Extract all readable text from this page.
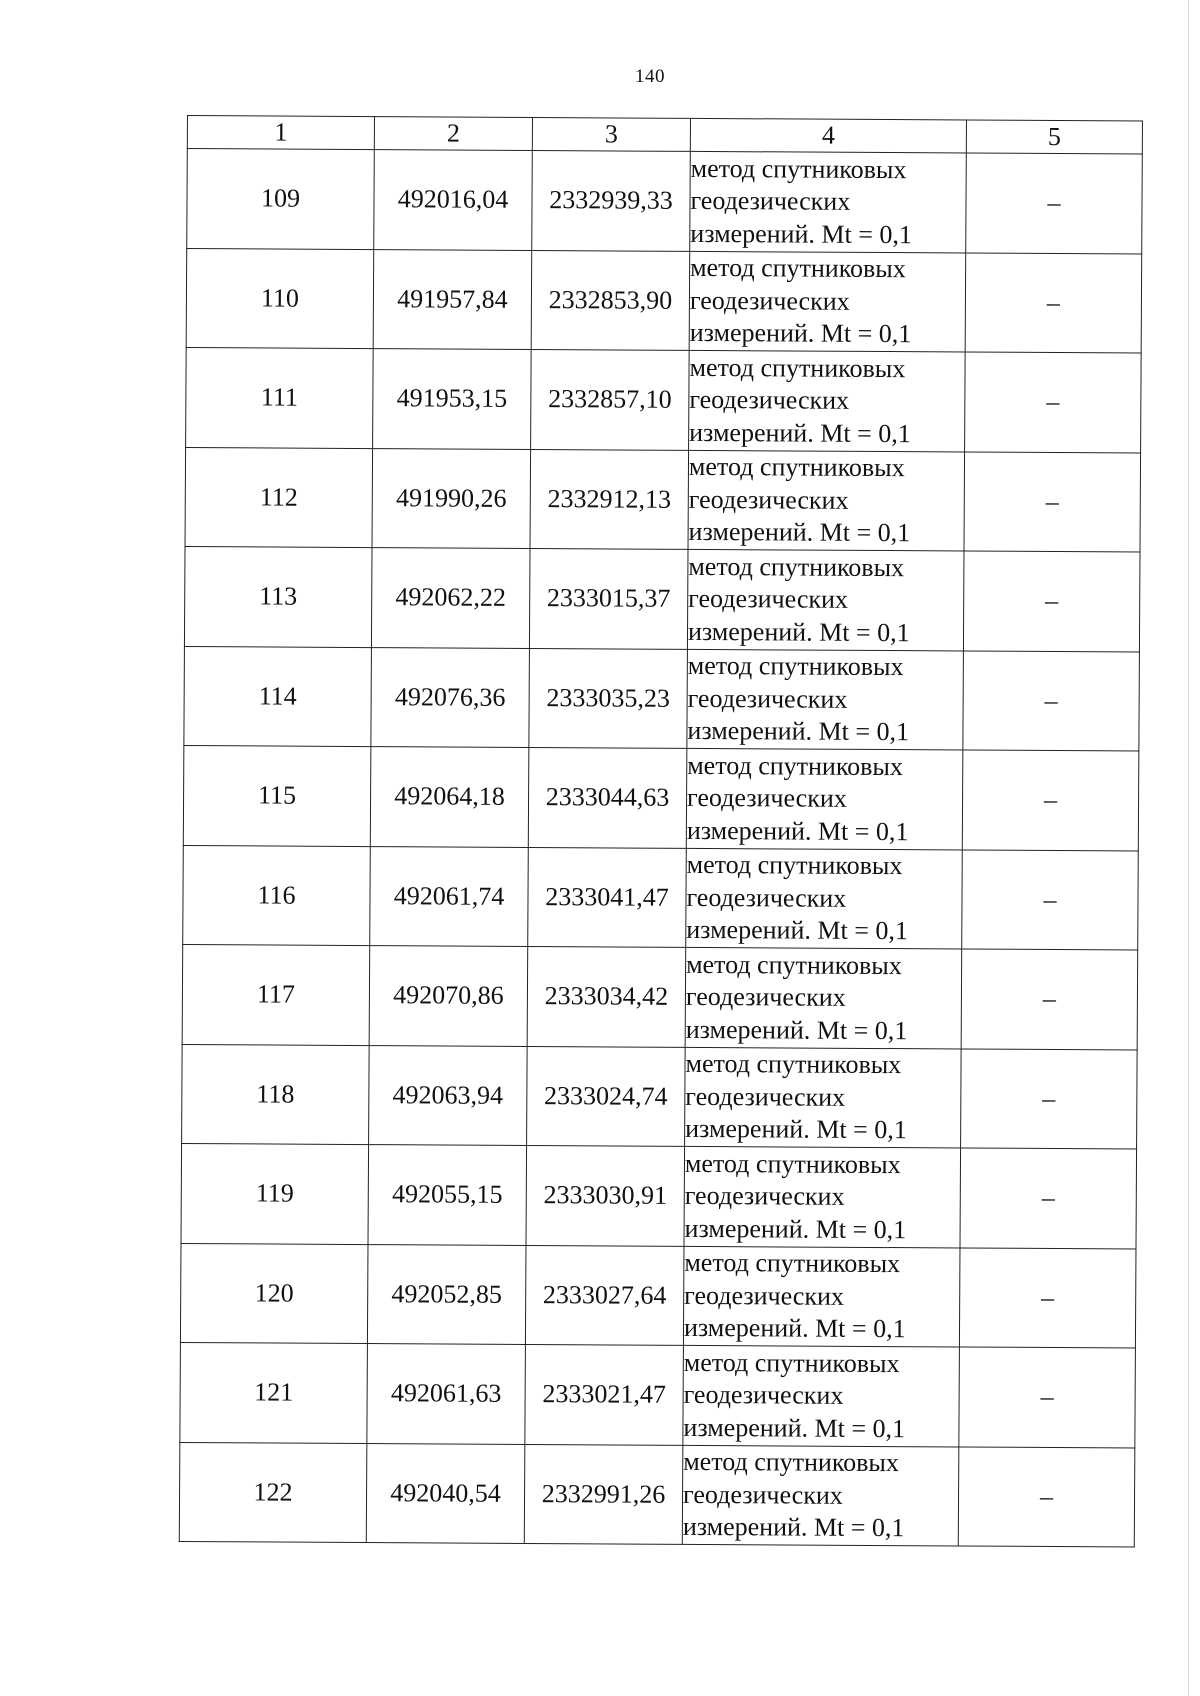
140
1	2	3	4	5
109	492016,04	2332939,33	метод спутниковых
геодезических
измерений. Mt = 0,1	–
110	491957,84	2332853,90	метод спутниковых
геодезических
измерений. Mt = 0,1	–
111	491953,15	2332857,10	метод спутниковых
геодезических
измерений. Mt = 0,1	–
112	491990,26	2332912,13	метод спутниковых
геодезических
измерений. Mt = 0,1	–
113	492062,22	2333015,37	метод спутниковых
геодезических
измерений. Mt = 0,1	–
114	492076,36	2333035,23	метод спутниковых
геодезических
измерений. Mt = 0,1	–
115	492064,18	2333044,63	метод спутниковых
геодезических
измерений. Mt = 0,1	–
116	492061,74	2333041,47	метод спутниковых
геодезических
измерений. Mt = 0,1	–
117	492070,86	2333034,42	метод спутниковых
геодезических
измерений. Mt = 0,1	–
118	492063,94	2333024,74	метод спутниковых
геодезических
измерений. Mt = 0,1	–
119	492055,15	2333030,91	метод спутниковых
геодезических
измерений. Mt = 0,1	–
120	492052,85	2333027,64	метод спутниковых
геодезических
измерений. Mt = 0,1	–
121	492061,63	2333021,47	метод спутниковых
геодезических
измерений. Mt = 0,1	–
122	492040,54	2332991,26	метод спутниковых
геодезических
измерений. Mt = 0,1	–
